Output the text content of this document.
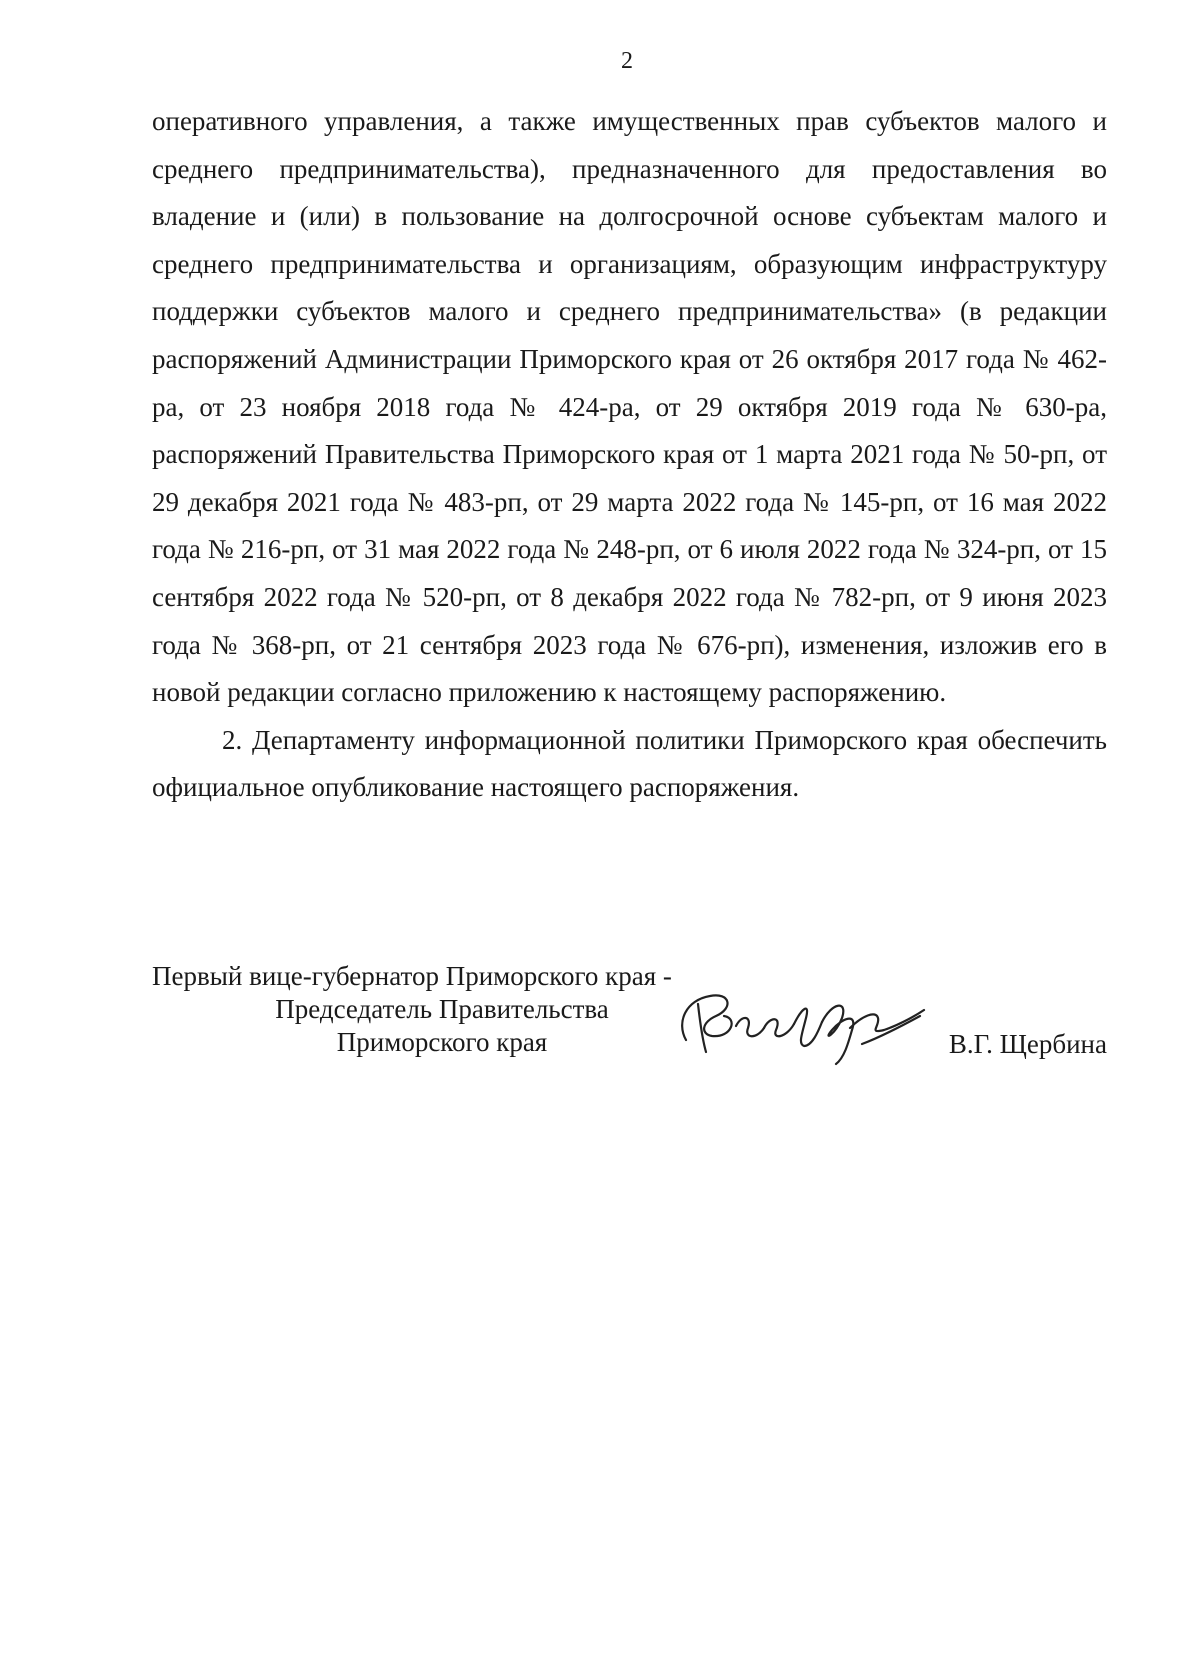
2

оперативного управления, а также имущественных прав субъектов малого и среднего предпринимательства), предназначенного для предоставления во владение и (или) в пользование на долгосрочной основе субъектам малого и среднего предпринимательства и организациям, образующим инфраструктуру поддержки субъектов малого и среднего предпринимательства» (в редакции распоряжений Администрации Приморского края от 26 октября 2017 года № 462-ра, от 23 ноября 2018 года № 424-ра, от 29 октября 2019 года № 630-ра, распоряжений Правительства Приморского края от 1 марта 2021 года № 50-рп, от 29 декабря 2021 года № 483-рп, от 29 марта 2022 года № 145-рп, от 16 мая 2022 года № 216-рп, от 31 мая 2022 года № 248-рп, от 6 июля 2022 года № 324-рп, от 15 сентября 2022 года № 520-рп, от 8 декабря 2022 года № 782-рп, от 9 июня 2023 года № 368-рп, от 21 сентября 2023 года № 676-рп), изменения, изложив его в новой редакции согласно приложению к настоящему распоряжению.

2. Департаменту информационной политики Приморского края обеспечить официальное опубликование настоящего распоряжения.

Первый вице-губернатор Приморского края -
Председатель Правительства
Приморского края	В.Г. Щербина
